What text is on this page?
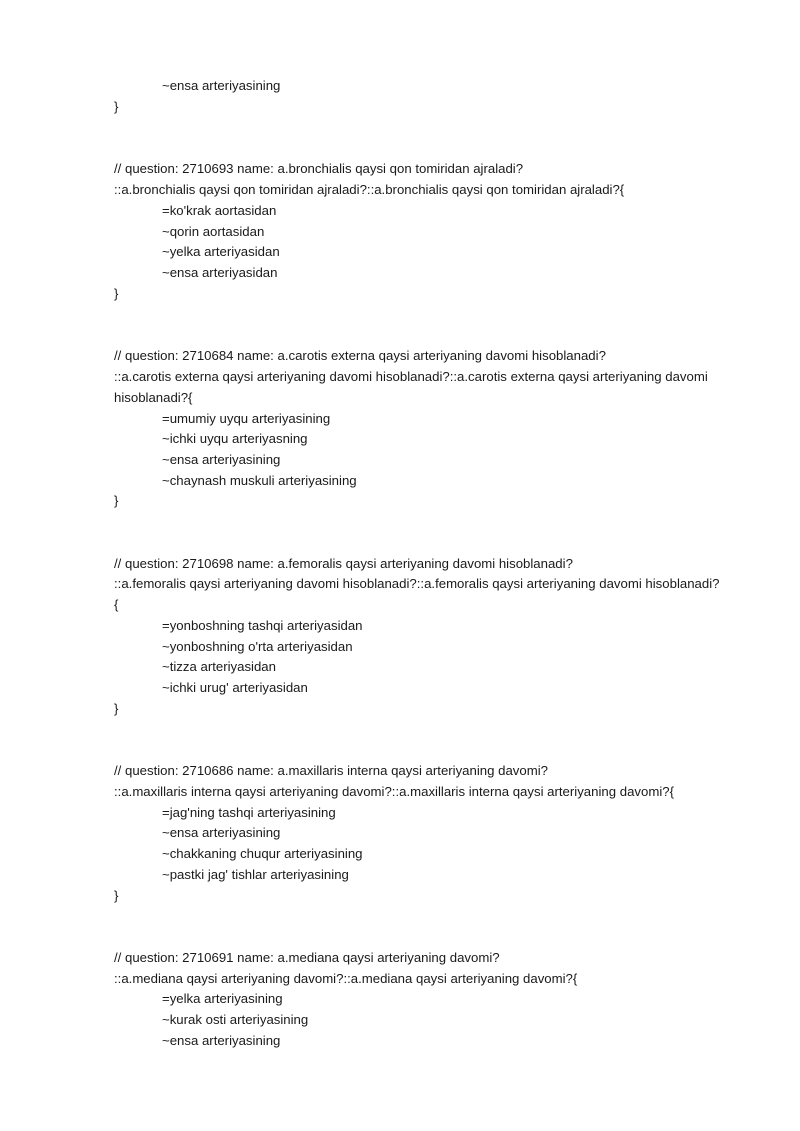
~ensa arteriyasining
}
// question: 2710693 name: a.bronchialis qaysi qon tomiridan ajraladi?
::a.bronchialis qaysi qon tomiridan ajraladi?::a.bronchialis qaysi qon tomiridan ajraladi?{
=ko'krak aortasidan
~qorin aortasidan
~yelka arteriyasidan
~ensa arteriyasidan
}
// question: 2710684 name: a.carotis externa qaysi arteriyaning davomi hisoblanadi?
::a.carotis externa qaysi arteriyaning davomi hisoblanadi?::a.carotis externa qaysi arteriyaning davomi hisoblanadi?{
=umumiy uyqu arteriyasining
~ichki uyqu arteriyasning
~ensa arteriyasining
~chaynash muskuli arteriyasining
}
// question: 2710698 name: a.femoralis qaysi arteriyaning davomi hisoblanadi?
::a.femoralis qaysi arteriyaning davomi hisoblanadi?::a.femoralis qaysi arteriyaning davomi hisoblanadi?
{
=yonboshning tashqi arteriyasidan
~yonboshning o'rta arteriyasidan
~tizza arteriyasidan
~ichki urug' arteriyasidan
}
// question: 2710686 name: a.maxillaris interna qaysi arteriyaning davomi?
::a.maxillaris interna qaysi arteriyaning davomi?::a.maxillaris interna qaysi arteriyaning davomi?{
=jag'ning tashqi arteriyasining
~ensa arteriyasining
~chakkaning chuqur arteriyasining
~pastki jag' tishlar arteriyasining
}
// question: 2710691 name: a.mediana qaysi arteriyaning davomi?
::a.mediana qaysi arteriyaning davomi?::a.mediana qaysi arteriyaning davomi?{
=yelka arteriyasining
~kurak osti arteriyasining
~ensa arteriyasining
